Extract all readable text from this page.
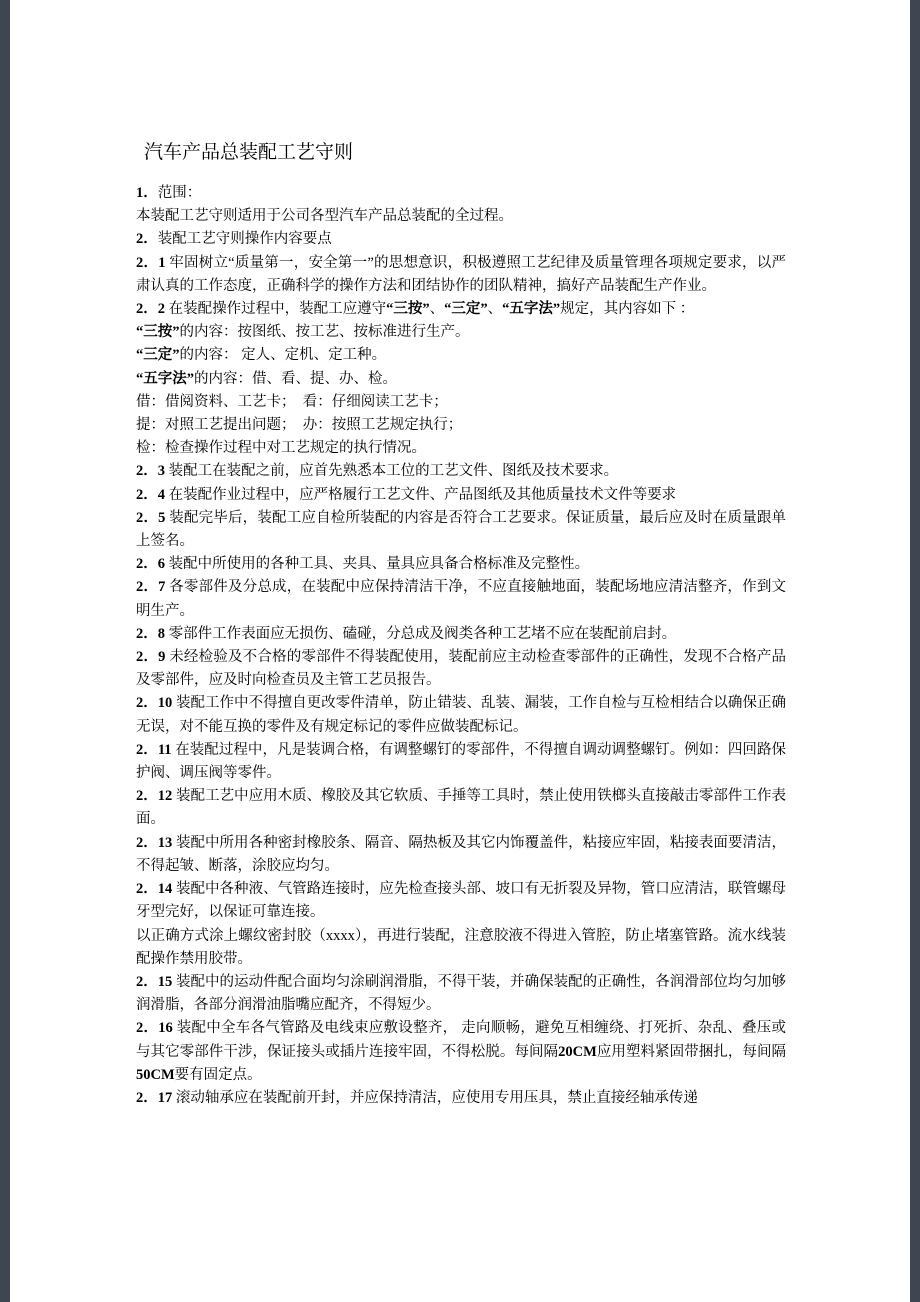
汽车产品总装配工艺守则

1．范围：

本装配工艺守则适用于公司各型汽车产品总装配的全过程。

2．装配工艺守则操作内容要点

2．1 牢固树立“质量第一，安全第一”的思想意识，积极遵照工艺纪律及质量管理各项规定要求，以严肃认真的工作态度，正确科学的操作方法和团结协作的团队精神，搞好产品装配生产作业。

2．2 在装配操作过程中，装配工应遵守“三按”、“三定”、“五字法”规定，其内容如下 ：

“三按”的内容：按图纸、按工艺、按标准进行生产。

“三定”的内容： 定人、定机、定工种。

“五字法”的内容：借、看、提、办、检。

借：借阅资料、工艺卡；　看：仔细阅读工艺卡；

提：对照工艺提出问题；　办：按照工艺规定执行；

检：检查操作过程中对工艺规定的执行情况。

2．3 装配工在装配之前，应首先熟悉本工位的工艺文件、图纸及技术要求。

2．4 在装配作业过程中，应严格履行工艺文件、产品图纸及其他质量技术文件等要求

2．5 装配完毕后，装配工应自检所装配的内容是否符合工艺要求。保证质量，最后应及时在质量跟单上签名。

2．6 装配中所使用的各种工具、夹具、量具应具备合格标准及完整性。

2．7 各零部件及分总成，在装配中应保持清洁干净，不应直接触地面，装配场地应清洁整齐，作到文明生产。

2．8 零部件工作表面应无损伤、磕碰，分总成及阀类各种工艺堵不应在装配前启封。

2．9 未经检验及不合格的零部件不得装配使用，装配前应主动检查零部件的正确性，发现不合格产品及零部件，应及时向检查员及主管工艺员报告。

2．10 装配工作中不得擅自更改零件清单，防止错装、乱装、漏装，工作自检与互检相结合以确保正确无误，对不能互换的零件及有规定标记的零件应做装配标记。

2．11 在装配过程中，凡是装调合格，有调整螺钉的零部件，不得擅自调动调整螺钉。例如：四回路保护阀、调压阀等零件。

2．12 装配工艺中应用木质、橡胶及其它软质、手捶等工具时，禁止使用铁榔头直接敲击零部件工作表面。

2．13 装配中所用各种密封橡胶条、隔音、隔热板及其它内饰覆盖件，粘接应牢固，粘接表面要清洁，不得起皱、断落，涂胶应均匀。

2．14 装配中各种液、气管路连接时，应先检查接头部、坡口有无折裂及异物，管口应清洁，联管螺母牙型完好，以保证可靠连接。

以正确方式涂上螺纹密封胶（xxxx），再进行装配，注意胶液不得进入管腔，防止堵塞管路。流水线装配操作禁用胶带。

2．15 装配中的运动件配合面均匀涂刷润滑脂，不得干装，并确保装配的正确性，各润滑部位均匀加够润滑脂，各部分润滑油脂嘴应配齐，不得短少。

2．16 装配中全车各气管路及电线束应敷设整齐， 走向顺畅，避免互相缠绕、打死折、杂乱、叠压或与其它零部件干涉，保证接头或插片连接牢固，不得松脱。每间隔20CM应用塑料紧固带捆扎，每间隔50CM要有固定点。

2．17 滚动轴承应在装配前开封，并应保持清洁，应使用专用压具，禁止直接经轴承传递
